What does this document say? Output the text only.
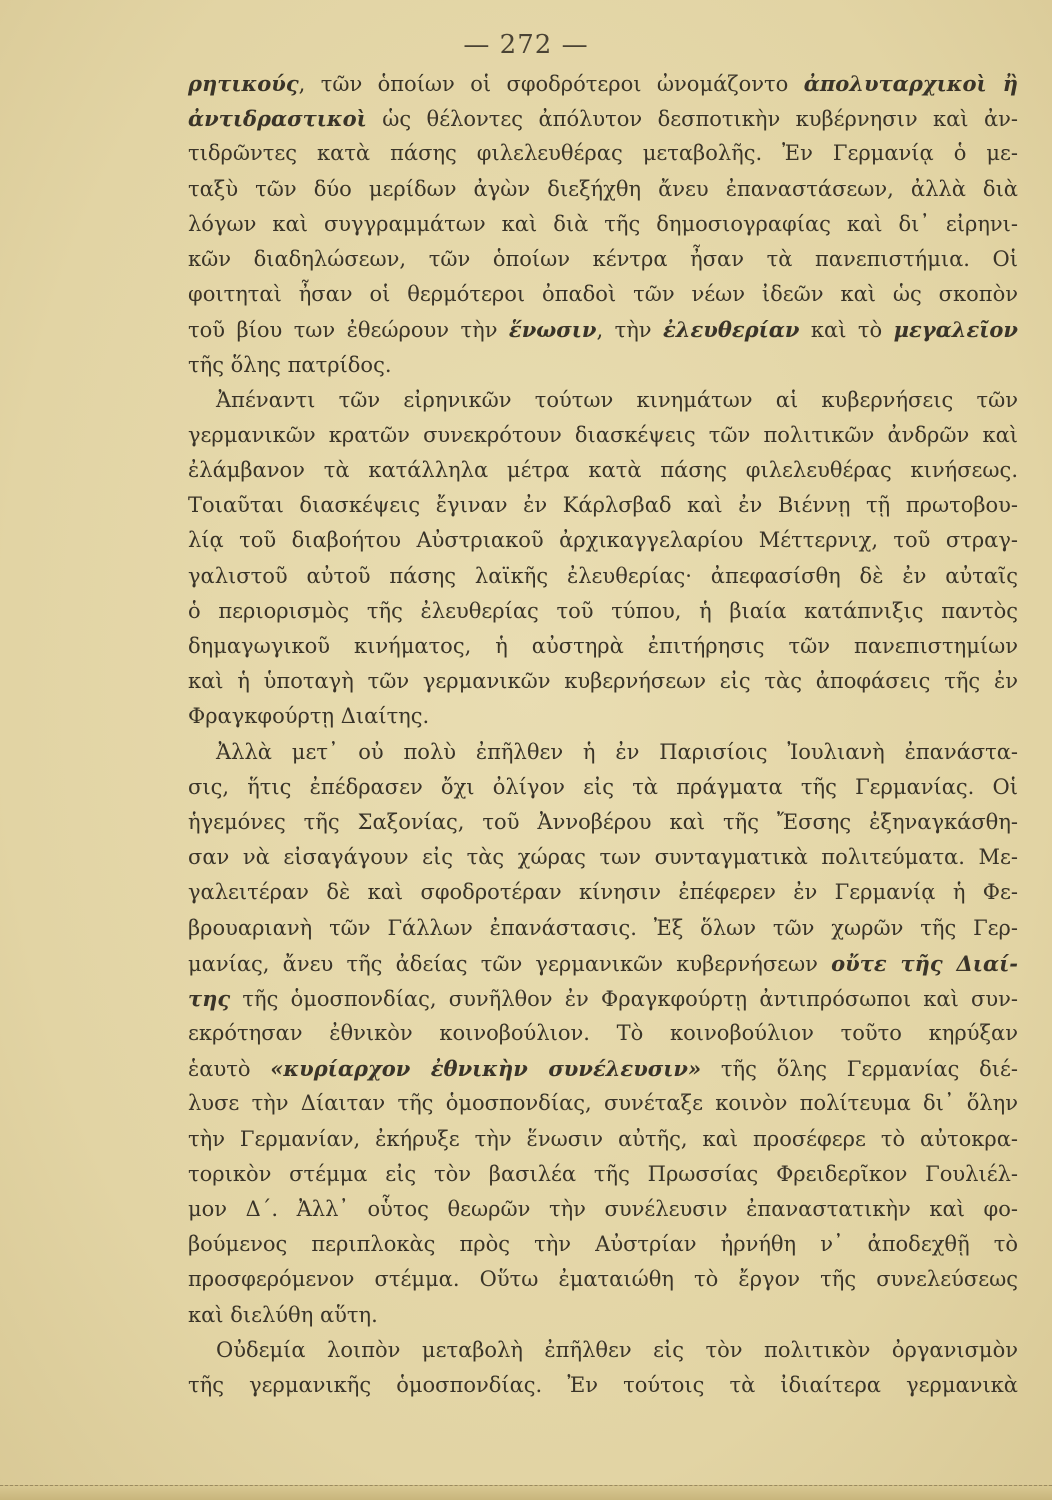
— 272 —
ρητικούς, τῶν ὁποίων οἱ σφοδρότεροι ὠνομάζοντο ἀπολυταρχικοὶ ἢ
ἀντιδραστικοὶ ὡς θέλοντες ἀπόλυτον δεσποτικὴν κυβέρνησιν καὶ ἀν-
τιδρῶντες κατὰ πάσης φιλελευθέρας μεταβολῆς. Ἐν Γερμανίᾳ ὁ με-
ταξὺ τῶν δύο μερίδων ἀγὼν διεξήχθη ἄνευ ἐπαναστάσεων, ἀλλὰ διὰ
λόγων καὶ συγγραμμάτων καὶ διὰ τῆς δημοσιογραφίας καὶ δι᾽ εἰρηνι-
κῶν διαδηλώσεων, τῶν ὁποίων κέντρα ἦσαν τὰ πανεπιστήμια. Οἱ
φοιτηταὶ ἦσαν οἱ θερμότεροι ὀπαδοὶ τῶν νέων ἰδεῶν καὶ ὡς σκοπὸν
τοῦ βίου των ἐθεώρουν τὴν ἕνωσιν, τὴν ἐλευθερίαν καὶ τὸ μεγαλεῖον
τῆς ὅλης πατρίδος.
Ἀπέναντι τῶν εἰρηνικῶν τούτων κινημάτων αἱ κυβερνήσεις τῶν
γερμανικῶν κρατῶν συνεκρότουν διασκέψεις τῶν πολιτικῶν ἀνδρῶν καὶ
ἐλάμβανον τὰ κατάλληλα μέτρα κατὰ πάσης φιλελευθέρας κινήσεως.
Τοιαῦται διασκέψεις ἔγιναν ἐν Κάρλσβαδ καὶ ἐν Βιέννῃ τῇ πρωτοβου-
λίᾳ τοῦ διαβοήτου Αὐστριακοῦ ἀρχικαγγελαρίου Μέττερνιχ, τοῦ στραγ-
γαλιστοῦ αὐτοῦ πάσης λαϊκῆς ἐλευθερίας· ἀπεφασίσθη δὲ ἐν αὐταῖς
ὁ περιορισμὸς τῆς ἐλευθερίας τοῦ τύπου, ἡ βιαία κατάπνιξις παντὸς
δημαγωγικοῦ κινήματος, ἡ αὐστηρὰ ἐπιτήρησις τῶν πανεπιστημίων
καὶ ἡ ὑποταγὴ τῶν γερμανικῶν κυβερνήσεων εἰς τὰς ἀποφάσεις τῆς ἐν
Φραγκφούρτῃ Διαίτης.
Ἀλλὰ μετ᾽ οὐ πολὺ ἐπῆλθεν ἡ ἐν Παρισίοις Ἰουλιανὴ ἐπανάστα-
σις, ἥτις ἐπέδρασεν ὄχι ὀλίγον εἰς τὰ πράγματα τῆς Γερμανίας. Οἱ
ἡγεμόνες τῆς Σαξονίας, τοῦ Ἀννοβέρου καὶ τῆς Ἔσσης ἐξηναγκάσθη-
σαν νὰ εἰσαγάγουν εἰς τὰς χώρας των συνταγματικὰ πολιτεύματα. Με-
γαλειτέραν δὲ καὶ σφοδροτέραν κίνησιν ἐπέφερεν ἐν Γερμανίᾳ ἡ Φε-
βρουαριανὴ τῶν Γάλλων ἐπανάστασις. Ἐξ ὅλων τῶν χωρῶν τῆς Γερ-
μανίας, ἄνευ τῆς ἀδείας τῶν γερμανικῶν κυβερνήσεων οὔτε τῆς Διαί-
της τῆς ὁμοσπονδίας, συνῆλθον ἐν Φραγκφούρτῃ ἀντιπρόσωποι καὶ συν-
εκρότησαν ἐθνικὸν κοινοβούλιον. Τὸ κοινοβούλιον τοῦτο κηρύξαν
ἑαυτὸ «κυρίαρχον ἐθνικὴν συνέλευσιν» τῆς ὅλης Γερμανίας διέ-
λυσε τὴν Δίαιταν τῆς ὁμοσπονδίας, συνέταξε κοινὸν πολίτευμα δι᾽ ὅλην
τὴν Γερμανίαν, ἐκήρυξε τὴν ἕνωσιν αὐτῆς, καὶ προσέφερε τὸ αὐτοκρα-
τορικὸν στέμμα εἰς τὸν βασιλέα τῆς Πρωσσίας Φρειδερῖκον Γουλιέλ-
μον Δ΄. Ἀλλ᾽ οὗτος θεωρῶν τὴν συνέλευσιν ἐπαναστατικὴν καὶ φο-
βούμενος περιπλοκὰς πρὸς τὴν Αὐστρίαν ἠρνήθη ν᾽ ἀποδεχθῇ τὸ
προσφερόμενον στέμμα. Οὕτω ἐματαιώθη τὸ ἔργον τῆς συνελεύσεως
καὶ διελύθη αὕτη.
Οὐδεμία λοιπὸν μεταβολὴ ἐπῆλθεν εἰς τὸν πολιτικὸν ὀργανισμὸν
τῆς γερμανικῆς ὁμοσπονδίας. Ἐν τούτοις τὰ ἰδιαίτερα γερμανικὰ
